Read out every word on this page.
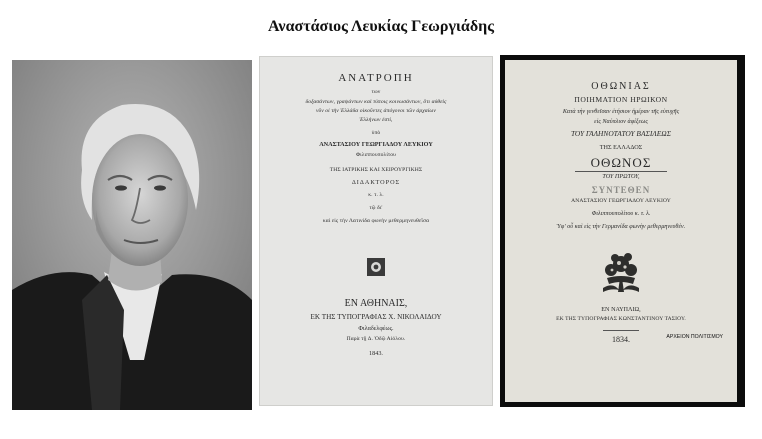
Αναστάσιος Λευκίας Γεωργιάδης
ΑΝΑΤΡΟΠΗ
των
δοξασάντων, γραψάντων καὶ τύποις κοινωσάντων, ὅτι αὐθεὶς
νῦν οἱ τὴν Ἑλλάδα οἰκοῦντες ἀπόγονοι τῶν ἀρχαίων
Ἑλλήνων ἐστί,
ὑπὸ
ΑΝΑΣΤΑΣΙΟΥ ΓΕΩΡΓΙΑΔΟΥ ΛΕΥΚΙΟΥ
Φιλιππουπολίτου
ΤΗΣ ΙΑΤΡΙΚΗΣ ΚΑΙ ΧΕΙΡΟΥΡΓΙΚΗΣ
ΔΙΔΑΚΤΟΡΟΣ
κ. τ. λ.
τῷ δι'
καὶ εἰς τὴν Λατινίδα φωνὴν μεθερμηνευθεῖσα
ΕΝ ΑΘΗΝΑΙΣ,
ΕΚ ΤΗΣ ΤΥΠΟΓΡΑΦΙΑΣ Χ. ΝΙΚΟΛΑΙΔΟΥ
Φιλαδελφέως.
Παρὰ τῇ Δ. Ὁδῷ Αἰόλου.
1843.
ΟΘΩΝΙΑΣ
ΠΟΙΗΜΑΤΙΟΝ ΗΡΩΙΚΟΝ
Κατὰ τὴν γενθεῖσαν ἐτήσιον ἡμέραν τῆς εὐτυχῆς
εἰς Ναύπλιον ἀφίξεως
ΤΟΥ ΓΑΛΗΝΟΤΑΤΟΥ ΒΑΣΙΛΕΩΣ
ΤΗΣ ΕΛΛΑΔΟΣ
ΟΘΩΝΟΣ
ΤΟΥ ΠΡΩΤΟΥ,
ΣΥΝΤΕΘΕΝ
ΑΝΑΣΤΑΣΙΟΥ ΓΕΩΡΓΙΑΔΟΥ ΛΕΥΚΙΟΥ
Φιλιππουπολίτου κ. τ. λ.
Ὑφ' οὗ καὶ εἰς τὴν Γερμανίδα φωνὴν μεθερμηνευθέν.
ΕΝ ΝΑΥΠΛΙΩ,
ΕΚ ΤΗΣ ΤΥΠΟΓΡΑΦΙΑΣ ΚΩΝΣΤΑΝΤΙΝΟΥ ΤΑΣΙΟΥ.
1834.	ΑΡΧΕΙΟΝ ΠΟΛΙΤΙΣΜΟΥ
